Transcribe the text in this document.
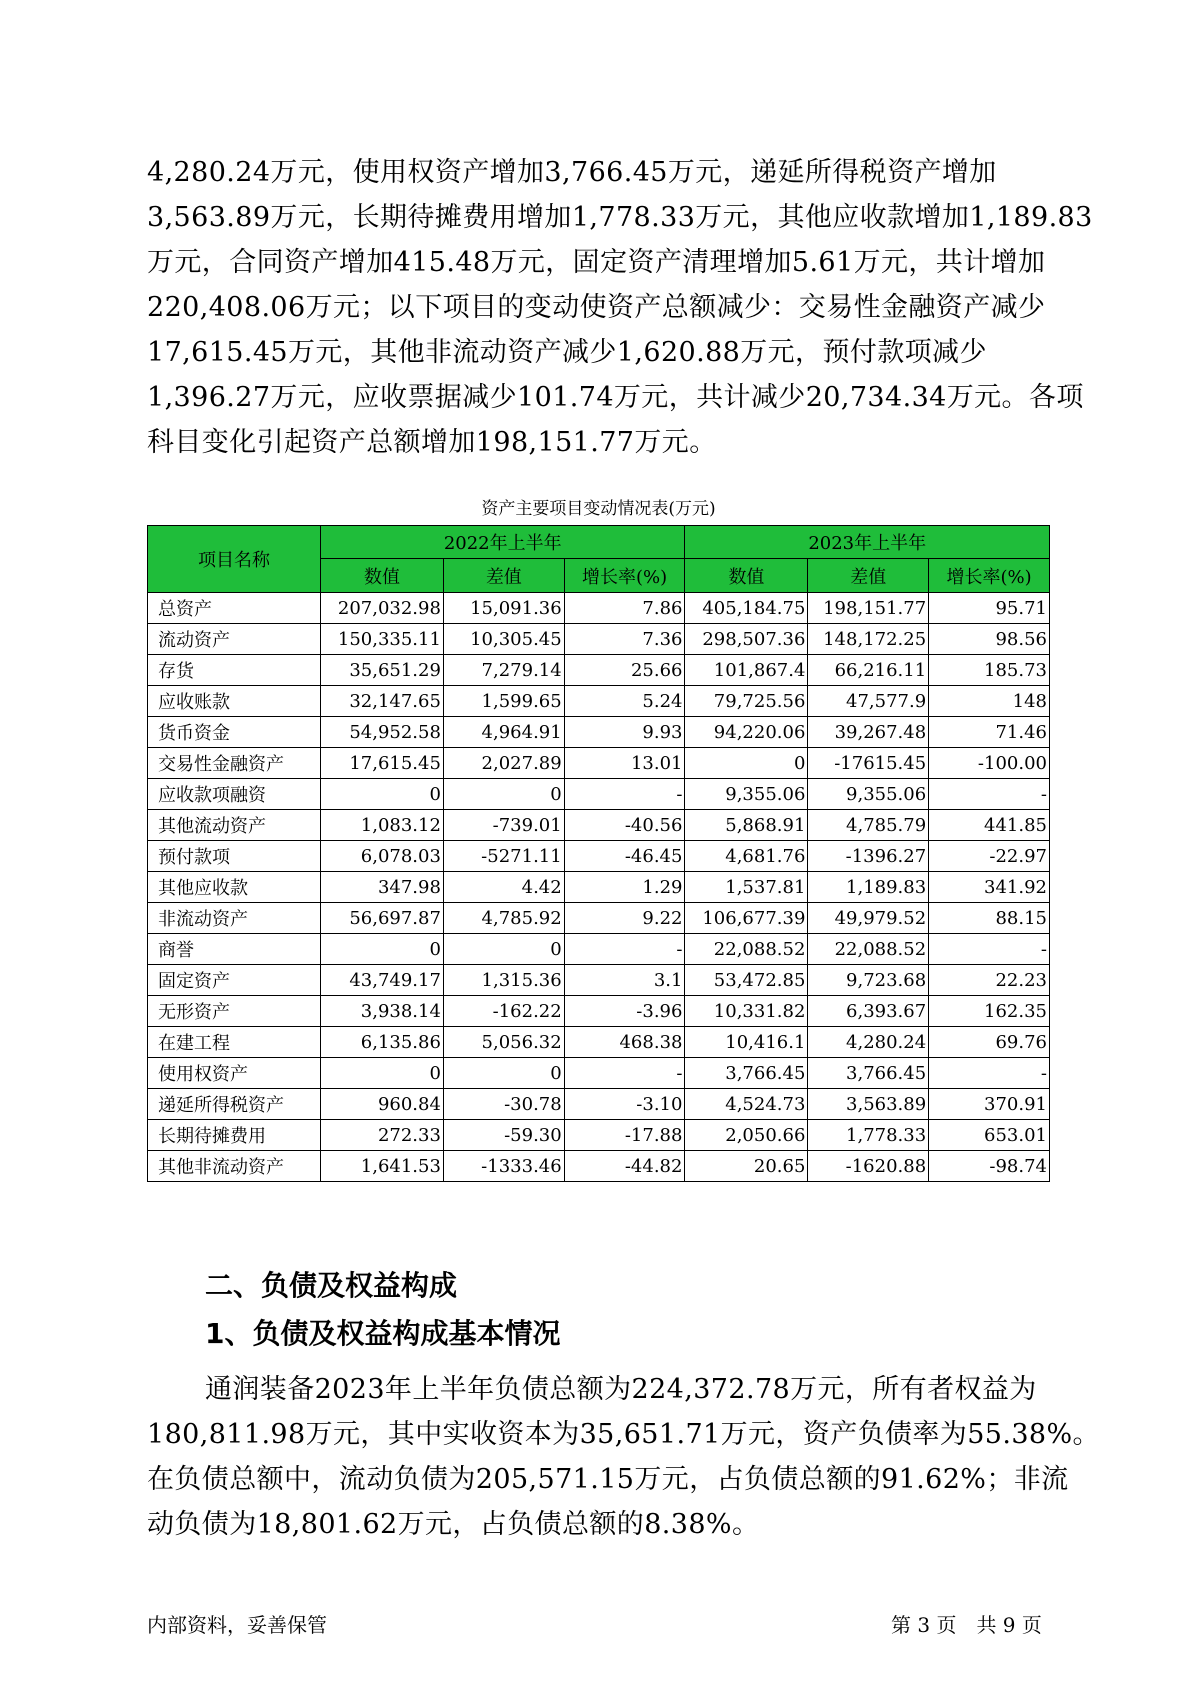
4,280.24万元，使用权资产增加3,766.45万元，递延所得税资产增加

3,563.89万元，长期待摊费用增加1,778.33万元，其他应收款增加1,189.83

万元，合同资产增加415.48万元，固定资产清理增加5.61万元，共计增加

220,408.06万元；以下项目的变动使资产总额减少：交易性金融资产减少

17,615.45万元，其他非流动资产减少1,620.88万元，预付款项减少

1,396.27万元，应收票据减少101.74万元，共计减少20,734.34万元。各项

科目变化引起资产总额增加198,151.77万元。

资产主要项目变动情况表(万元)
项目名称	2022年上半年			2023年上半年		
	数值	差值	增长率(%)	数值	差值	增长率(%)
总资产	207,032.98	15,091.36	7.86	405,184.75	198,151.77	95.71
流动资产	150,335.11	10,305.45	7.36	298,507.36	148,172.25	98.56
存货	35,651.29	7,279.14	25.66	101,867.4	66,216.11	185.73
应收账款	32,147.65	1,599.65	5.24	79,725.56	47,577.9	148
货币资金	54,952.58	4,964.91	9.93	94,220.06	39,267.48	71.46
交易性金融资产	17,615.45	2,027.89	13.01	0	-17615.45	-100.00
应收款项融资	0	0	-	9,355.06	9,355.06	-
其他流动资产	1,083.12	-739.01	-40.56	5,868.91	4,785.79	441.85
预付款项	6,078.03	-5271.11	-46.45	4,681.76	-1396.27	-22.97
其他应收款	347.98	4.42	1.29	1,537.81	1,189.83	341.92
非流动资产	56,697.87	4,785.92	9.22	106,677.39	49,979.52	88.15
商誉	0	0	-	22,088.52	22,088.52	-
固定资产	43,749.17	1,315.36	3.1	53,472.85	9,723.68	22.23
无形资产	3,938.14	-162.22	-3.96	10,331.82	6,393.67	162.35
在建工程	6,135.86	5,056.32	468.38	10,416.1	4,280.24	69.76
使用权资产	0	0	-	3,766.45	3,766.45	-
递延所得税资产	960.84	-30.78	-3.10	4,524.73	3,563.89	370.91
长期待摊费用	272.33	-59.30	-17.88	2,050.66	1,778.33	653.01
其他非流动资产	1,641.53	-1333.46	-44.82	20.65	-1620.88	-98.74
二、负债及权益构成
1、负债及权益构成基本情况

通润装备2023年上半年负债总额为224,372.78万元，所有者权益为

180,811.98万元，其中实收资本为35,651.71万元，资产负债率为55.38%。

在负债总额中，流动负债为205,571.15万元，占负债总额的91.62%；非流

动负债为18,801.62万元，占负债总额的8.38%。

内部资料，妥善保管	第 3 页　共 9 页
